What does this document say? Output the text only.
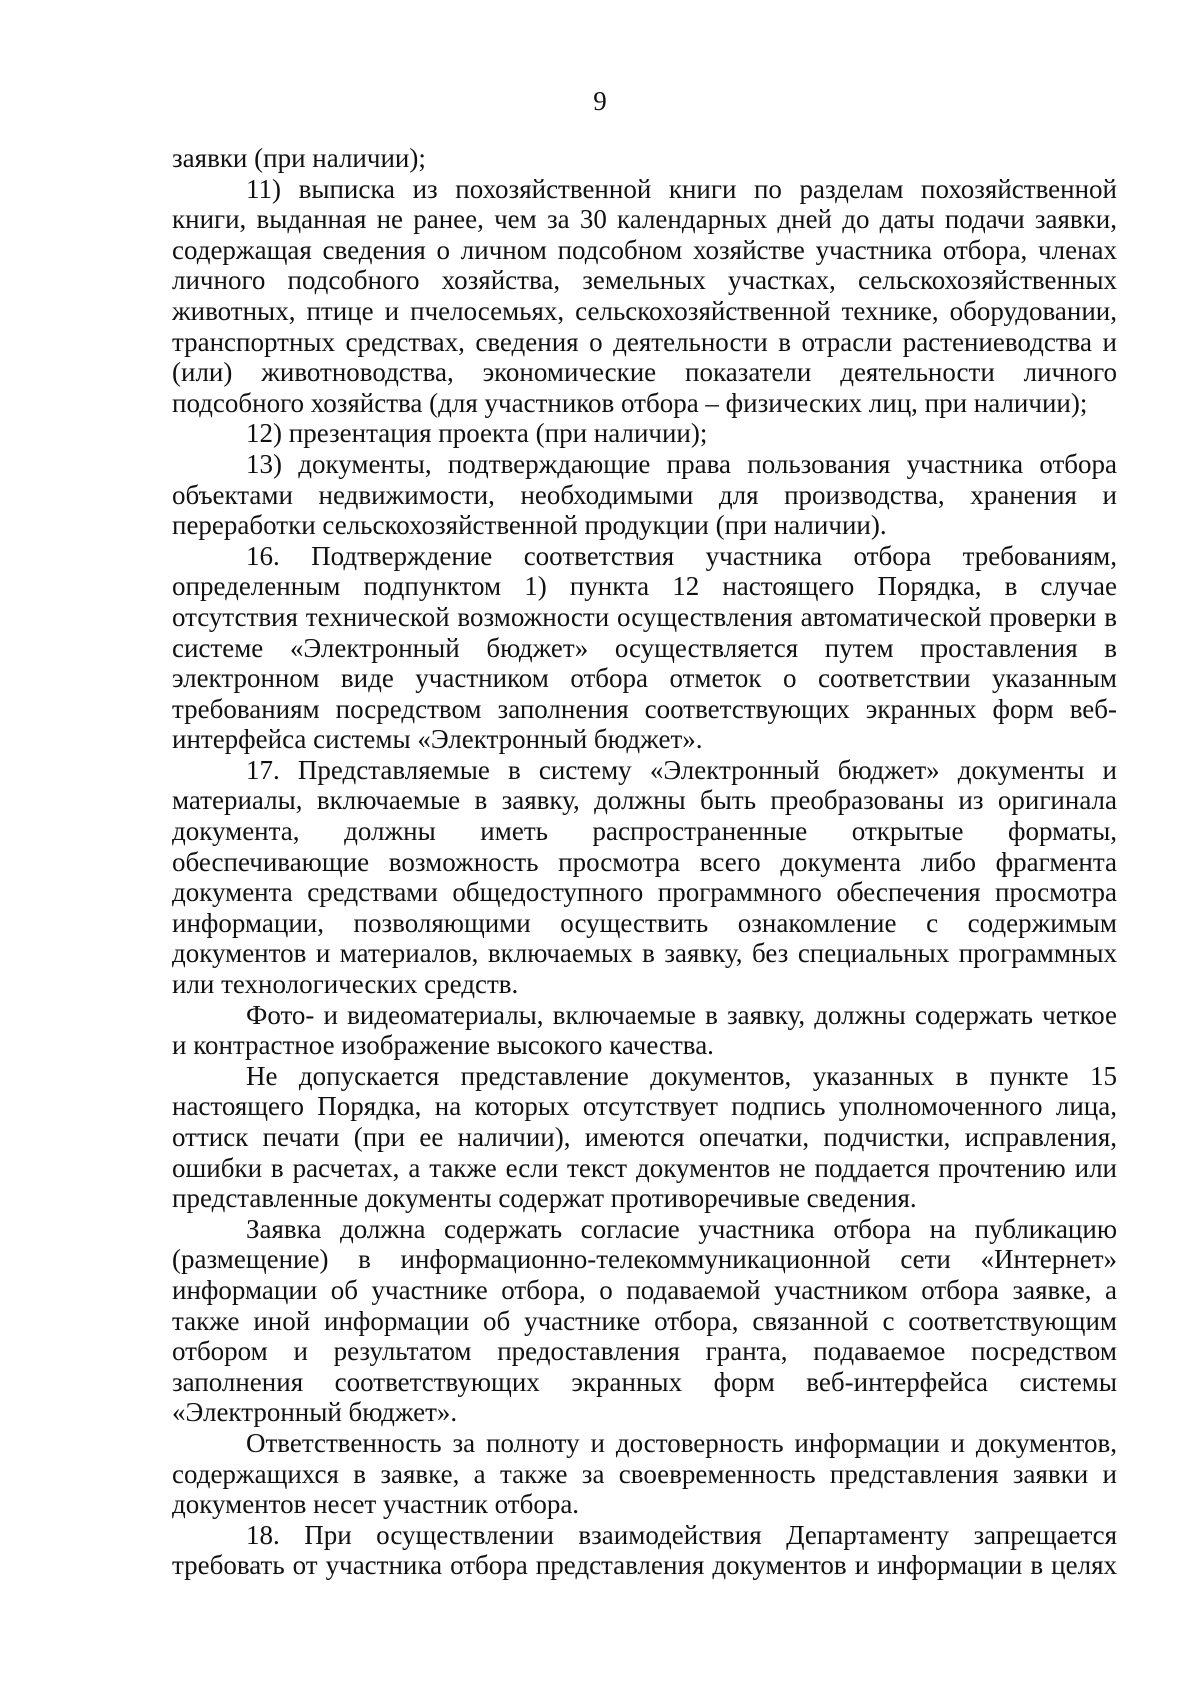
9

заявки (при наличии);

11) выписка из похозяйственной книги по разделам похозяйственной книги, выданная не ранее, чем за 30 календарных дней до даты подачи заявки, содержащая сведения о личном подсобном хозяйстве участника отбора, членах личного подсобного хозяйства, земельных участках, сельскохозяйственных животных, птице и пчелосемьях, сельскохозяйственной технике, оборудовании, транспортных средствах, сведения о деятельности в отрасли растениеводства и (или) животноводства, экономические показатели деятельности личного подсобного хозяйства (для участников отбора – физических лиц, при наличии);

12) презентация проекта (при наличии);

13) документы, подтверждающие права пользования участника отбора объектами недвижимости, необходимыми для производства, хранения и переработки сельскохозяйственной продукции (при наличии).

16. Подтверждение соответствия участника отбора требованиям, определенным подпунктом 1) пункта 12 настоящего Порядка, в случае отсутствия технической возможности осуществления автоматической проверки в системе «Электронный бюджет» осуществляется путем проставления в электронном виде участником отбора отметок о соответствии указанным требованиям посредством заполнения соответствующих экранных форм веб-интерфейса системы «Электронный бюджет».

17. Представляемые в систему «Электронный бюджет» документы и материалы, включаемые в заявку, должны быть преобразованы из оригинала документа, должны иметь распространенные открытые форматы, обеспечивающие возможность просмотра всего документа либо фрагмента документа средствами общедоступного программного обеспечения просмотра информации, позволяющими осуществить ознакомление с содержимым документов и материалов, включаемых в заявку, без специальных программных или технологических средств.

Фото- и видеоматериалы, включаемые в заявку, должны содержать четкое и контрастное изображение высокого качества.

Не допускается представление документов, указанных в пункте 15 настоящего Порядка, на которых отсутствует подпись уполномоченного лица, оттиск печати (при ее наличии), имеются опечатки, подчистки, исправления, ошибки в расчетах, а также если текст документов не поддается прочтению или представленные документы содержат противоречивые сведения.

Заявка должна содержать согласие участника отбора на публикацию (размещение) в информационно-телекоммуникационной сети «Интернет» информации об участнике отбора, о подаваемой участником отбора заявке, а также иной информации об участнике отбора, связанной с соответствующим отбором и результатом предоставления гранта, подаваемое посредством заполнения соответствующих экранных форм веб-интерфейса системы «Электронный бюджет».

Ответственность за полноту и достоверность информации и документов, содержащихся в заявке, а также за своевременность представления заявки и документов несет участник отбора.

18. При осуществлении взаимодействия Департаменту запрещается требовать от участника отбора представления документов и информации в целях
